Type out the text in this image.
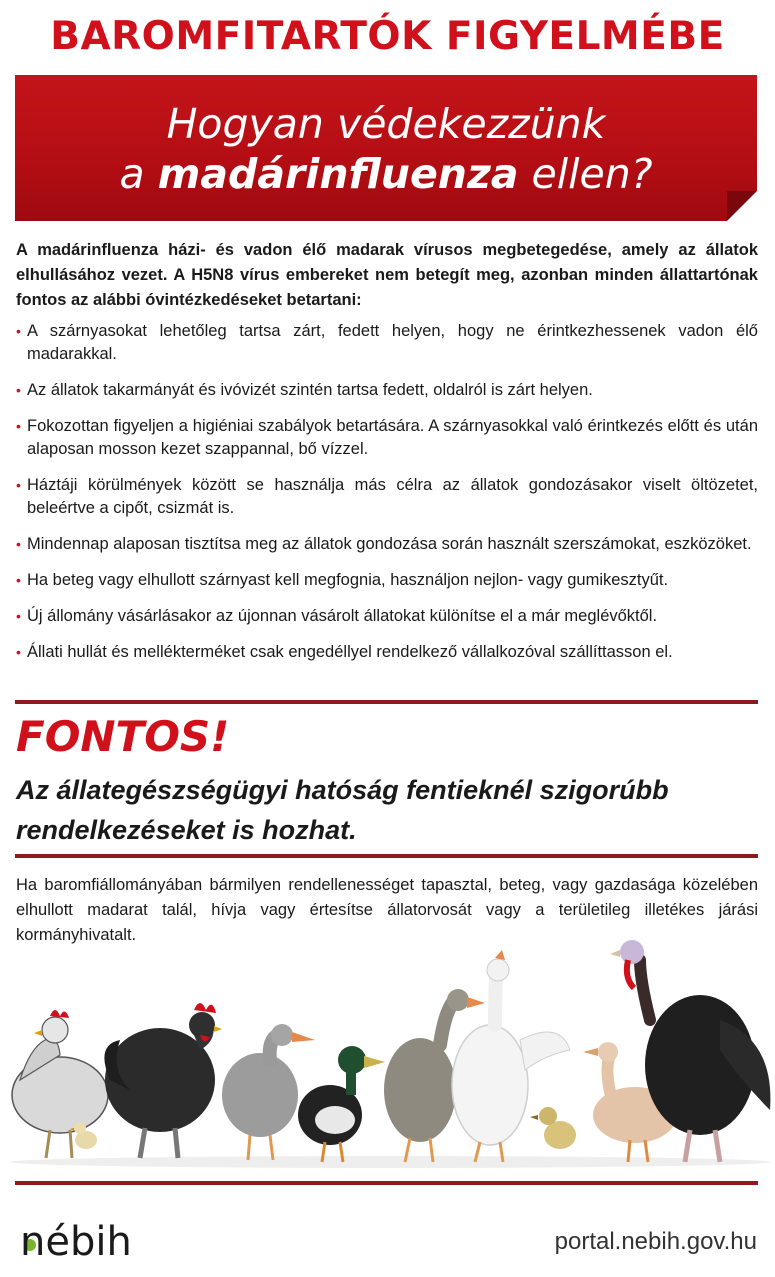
BAROMFITARTÓK FIGYELMÉBE
Hogyan védekezzünk
a madárinfluenza ellen?
A madárinfluenza házi- és vadon élő madarak vírusos megbetegedése, amely az állatok elhullásához vezet. A H5N8 vírus embereket nem betegít meg, azonban minden állattartónak fontos az alábbi óvintézkedéseket betartani:
• A szárnyasokat lehetőleg tartsa zárt, fedett helyen, hogy ne érintkezhessenek vadon élő madarakkal.
• Az állatok takarmányát és ivóvizét szintén tartsa fedett, oldalról is zárt helyen.
• Fokozottan figyeljen a higiéniai szabályok betartására. A szárnyasokkal való érintkezés előtt és után alaposan mosson kezet szappannal, bő vízzel.
• Háztáji körülmények között se használja más célra az állatok gondozásakor viselt öltözetet, beleértve a cipőt, csizmát is.
• Mindennap alaposan tisztítsa meg az állatok gondozása során használt szerszámokat, eszközöket.
• Ha beteg vagy elhullott szárnyast kell megfognia, használjon nejlon- vagy gumikesztyűt.
• Új állomány vásárlásakor az újonnan vásárolt állatokat különítse el a már meglévőktől.
• Állati hullát és mellékterméket csak engedéllyel rendelkező vállalkozóval szállíttasson el.
FONTOS!
Az állategészségügyi hatóság fentieknél szigorúbb rendelkezéseket is hozhat.
Ha baromfiállományában bármilyen rendellenességet tapasztal, beteg, vagy gazdasága közelében elhullott madarat talál, hívja vagy értesítse állatorvosát vagy a területileg illetékes járási kormányhivatalt.
nébih	portal.nebih.gov.hu
